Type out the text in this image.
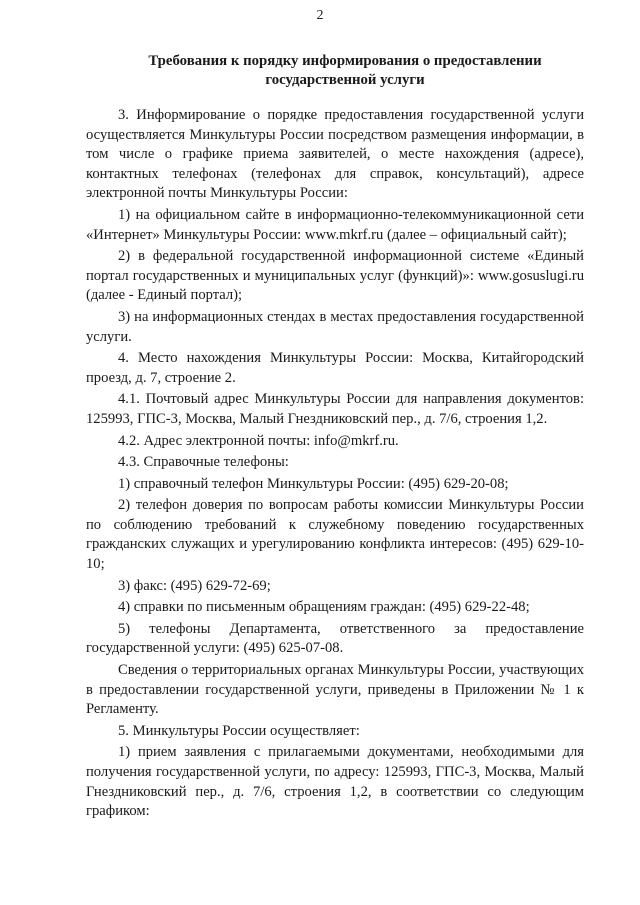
2
Требования к порядку информирования о предоставлении государственной услуги

3. Информирование о порядке предоставления государственной услуги осуществляется Минкультуры России посредством размещения информации, в том числе о графике приема заявителей, о месте нахождения (адресе), контактных телефонах (телефонах для справок, консультаций), адресе электронной почты Минкультуры России:

1) на официальном сайте в информационно-телекоммуникационной сети «Интернет» Минкультуры России: www.mkrf.ru (далее – официальный сайт);

2) в федеральной государственной информационной системе «Единый портал государственных и муниципальных услуг (функций)»: www.gosuslugi.ru (далее - Единый портал);

3) на информационных стендах в местах предоставления государственной услуги.

4. Место нахождения Минкультуры России: Москва, Китайгородский проезд, д. 7, строение 2.

4.1. Почтовый адрес Минкультуры России для направления документов: 125993, ГПС-3, Москва, Малый Гнездниковский пер., д. 7/6, строения 1,2.

4.2. Адрес электронной почты: info@mkrf.ru.

4.3. Справочные телефоны:

1) справочный телефон Минкультуры России: (495) 629-20-08;

2) телефон доверия по вопросам работы комиссии Минкультуры России по соблюдению требований к служебному поведению государственных гражданских служащих и урегулированию конфликта интересов: (495) 629-10-10;

3) факс: (495) 629-72-69;

4) справки по письменным обращениям граждан: (495) 629-22-48;

5) телефоны Департамента, ответственного за предоставление государственной услуги: (495) 625-07-08.

Сведения о территориальных органах Минкультуры России, участвующих в предоставлении государственной услуги, приведены в Приложении № 1 к Регламенту.

5. Минкультуры России осуществляет:

1) прием заявления с прилагаемыми документами, необходимыми для получения государственной услуги, по адресу: 125993, ГПС-3, Москва, Малый Гнездниковский пер., д. 7/6, строения 1,2, в соответствии со следующим графиком:
